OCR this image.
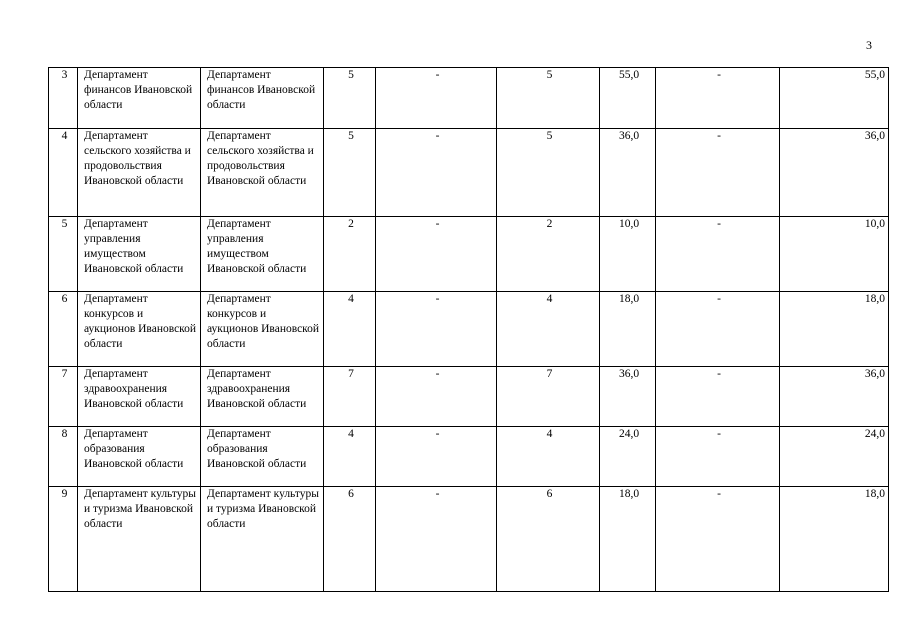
3
3	Департамент финансов Ивановской области	Департамент финансов Ивановской области	5	-	5	55,0	-	55,0
4	Департамент сельского хозяйства и продовольствия Ивановской области	Департамент сельского хозяйства и продовольствия Ивановской области	5	-	5	36,0	-	36,0
5	Департамент управления имуществом Ивановской области	Департамент управления имуществом Ивановской области	2	-	2	10,0	-	10,0
6	Департамент конкурсов и аукционов Ивановской области	Департамент конкурсов и аукционов Ивановской области	4	-	4	18,0	-	18,0
7	Департамент здравоохранения Ивановской области	Департамент здравоохранения Ивановской области	7	-	7	36,0	-	36,0
8	Департамент образования Ивановской области	Департамент образования Ивановской области	4	-	4	24,0	-	24,0
9	Департамент культуры и туризма Ивановской области	Департамент культуры и туризма Ивановской области	6	-	6	18,0	-	18,0
